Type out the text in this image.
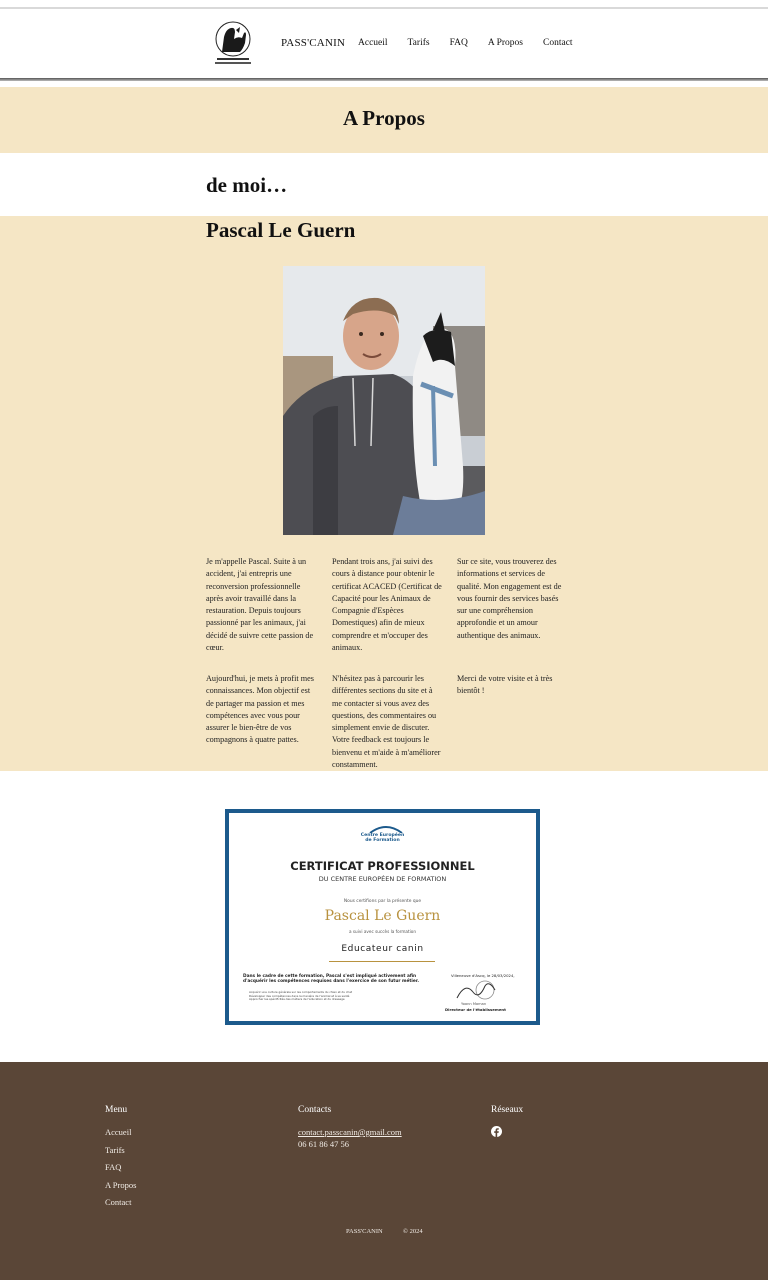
PASS'CANIN Accueil Tarifs FAQ A Propos Contact
A Propos
de moi…
Pascal Le Guern
Je m'appelle Pascal. Suite à un accident, j'ai entrepris une reconversion professionnelle après avoir travaillé dans la restauration. Depuis toujours passionné par les animaux, j'ai décidé de suivre cette passion de cœur.
Aujourd'hui, je mets à profit mes connaissances. Mon objectif est de partager ma passion et mes compétences avec vous pour assurer le bien-être de vos compagnons à quatre pattes.
Pendant trois ans, j'ai suivi des cours à distance pour obtenir le certificat ACACED (Certificat de Capacité pour les Animaux de Compagnie d'Espèces Domestiques) afin de mieux comprendre et m'occuper des animaux.
N'hésitez pas à parcourir les différentes sections du site et à me contacter si vous avez des questions, des commentaires ou simplement envie de discuter. Votre feedback est toujours le bienvenu et m'aide à m'améliorer constamment.
Sur ce site, vous trouverez des informations et services de qualité. Mon engagement est de vous fournir des services basés sur une compréhension approfondie et un amour authentique des animaux.
Merci de votre visite et à très bientôt !
Centre Européen
de Formation
CERTIFICAT PROFESSIONNEL
DU CENTRE EUROPÉEN DE FORMATION
Nous certifions par la présente que
Pascal Le Guern
a suivi avec succès la formation
Educateur canin
Dans le cadre de cette formation, Pascal s'est impliqué activement afin d'acquérir les compétences requises dans l'exercice de son futur métier.
Acquérir une culture générale sur les comportements du chien et du chat
Développer des compétences dans la manière de l'animal et à sa santé
Approcher les spécificités des métiers de l'éducation et du dressage
Villeneuve d'Ascq, le 28/03/2024,
Yoann Maman
Directeur de l'établissement
Menu
Accueil
Tarifs
FAQ
A Propos
Contact
Contacts
contact.passcanin@gmail.com
06 61 86 47 56
Réseaux
PASS'CANIN	© 2024
